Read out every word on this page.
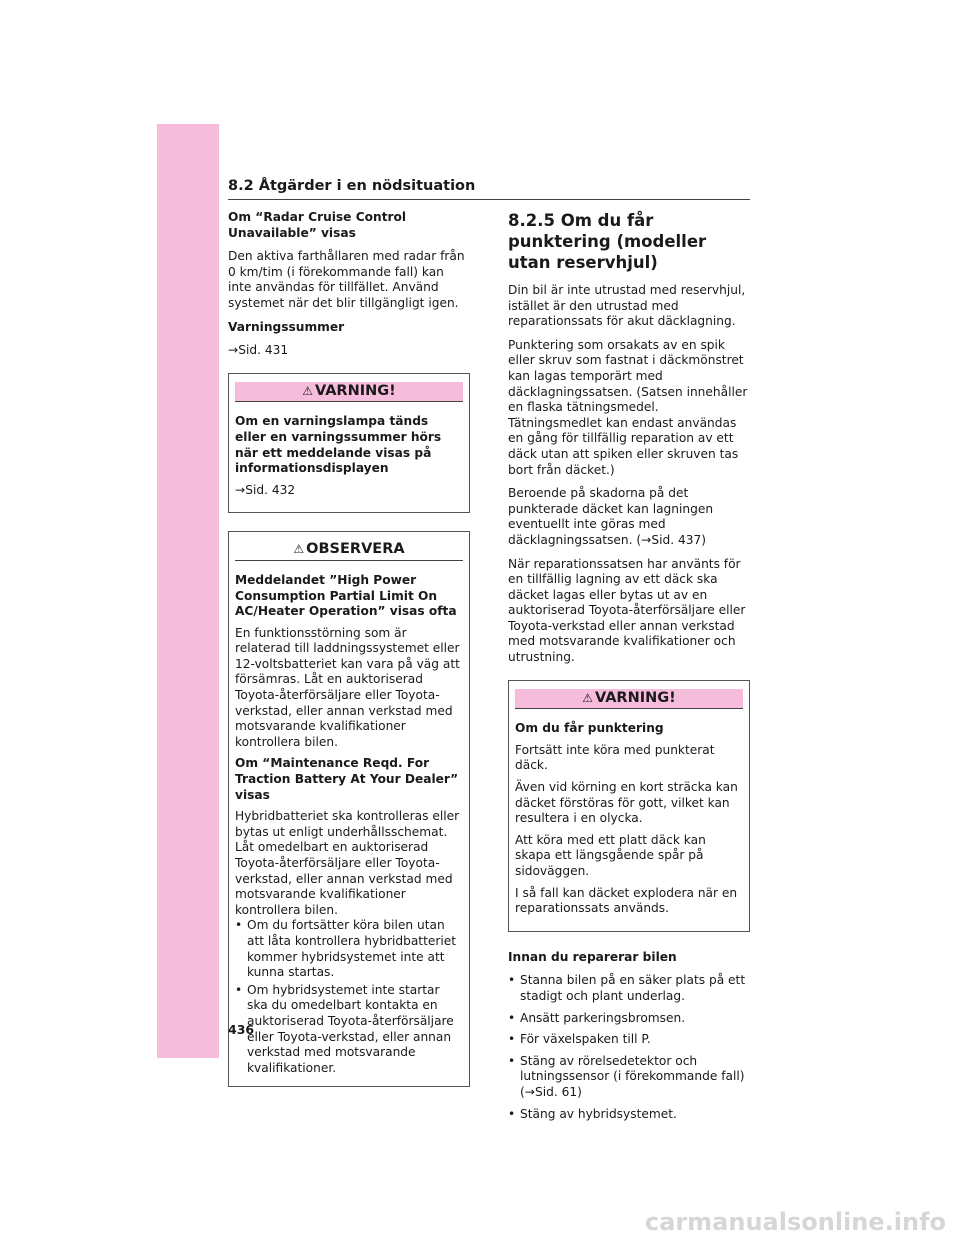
8.2 Åtgärder i en nödsituation

Om “Radar Cruise Control Unavailable” visas

Den aktiva farthållaren med radar från 0 km/tim (i förekommande fall) kan inte användas för tillfället. Använd systemet när det blir tillgängligt igen.

Varningssummer

→Sid. 431

⚠ VARNING!

Om en varningslampa tänds eller en varningssummer hörs när ett meddelande visas på informationsdisplayen

→Sid. 432

⚠ OBSERVERA

Meddelandet ”High Power Consumption Partial Limit On AC/Heater Operation” visas ofta

En funktionsstörning som är relaterad till laddningssystemet eller 12-voltsbatteriet kan vara på väg att försämras. Låt en auktoriserad Toyota-återförsäljare eller Toyota-verkstad, eller annan verkstad med motsvarande kvalifikationer kontrollera bilen.

Om “Maintenance Reqd. For Traction Battery At Your Dealer” visas

Hybridbatteriet ska kontrolleras eller bytas ut enligt underhållsschemat. Låt omedelbart en auktoriserad Toyota-återförsäljare eller Toyota-verkstad, eller annan verkstad med motsvarande kvalifikationer kontrollera bilen.

• Om du fortsätter köra bilen utan att låta kontrollera hybridbatteriet kommer hybridsystemet inte att kunna startas.
• Om hybridsystemet inte startar ska du omedelbart kontakta en auktoriserad Toyota-återförsäljare eller Toyota-verkstad, eller annan verkstad med motsvarande kvalifikationer.
8.2.5 Om du får punktering (modeller utan reservhjul)

Din bil är inte utrustad med reservhjul, istället är den utrustad med reparationssats för akut däcklagning.

Punktering som orsakats av en spik eller skruv som fastnat i däckmönstret kan lagas temporärt med däcklagningssatsen. (Satsen innehåller en flaska tätningsmedel. Tätningsmedlet kan endast användas en gång för tillfällig reparation av ett däck utan att spiken eller skruven tas bort från däcket.)

Beroende på skadorna på det punkterade däcket kan lagningen eventuellt inte göras med däcklagningssatsen. (→Sid. 437)

När reparationssatsen har använts för en tillfällig lagning av ett däck ska däcket lagas eller bytas ut av en auktoriserad Toyota-återförsäljare eller Toyota-verkstad eller annan verkstad med motsvarande kvalifikationer och utrustning.

⚠ VARNING!

Om du får punktering

Fortsätt inte köra med punkterat däck.

Även vid körning en kort sträcka kan däcket förstöras för gott, vilket kan resultera i en olycka.

Att köra med ett platt däck kan skapa ett längsgående spår på sidoväggen.

I så fall kan däcket explodera när en reparationssats används.

Innan du reparerar bilen

• Stanna bilen på en säker plats på ett stadigt och plant underlag.
• Ansätt parkeringsbromsen.
• För växelspaken till P.
• Stäng av rörelsedetektor och lutningssensor (i förekommande fall) (→Sid. 61)
• Stäng av hybridsystemet.
436
carmanualsonline.info
